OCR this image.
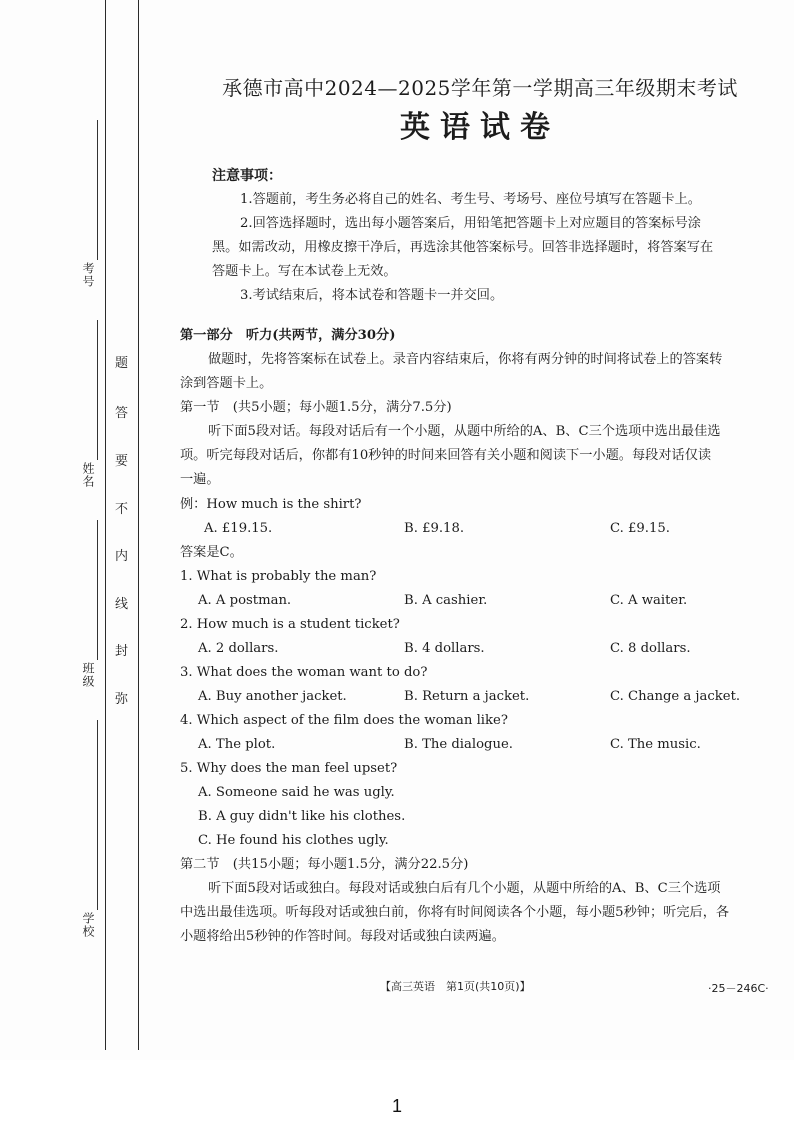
考号
姓名
班级
学校
题
答
要
不
内
线
封
弥
承德市高中2024—2025学年第一学期高三年级期末考试
英语试卷
注意事项：
1.答题前，考生务必将自己的姓名、考生号、考场号、座位号填写在答题卡上。
2.回答选择题时，选出每小题答案后，用铅笔把答题卡上对应题目的答案标号涂
黑。如需改动，用橡皮擦干净后，再选涂其他答案标号。回答非选择题时，将答案写在
答题卡上。写在本试卷上无效。
3.考试结束后，将本试卷和答题卡一并交回。
第一部分　听力(共两节，满分30分)
做题时，先将答案标在试卷上。录音内容结束后，你将有两分钟的时间将试卷上的答案转
涂到答题卡上。
第一节　(共5小题；每小题1.5分，满分7.5分)
听下面5段对话。每段对话后有一个小题，从题中所给的A、B、C三个选项中选出最佳选
项。听完每段对话后，你都有10秒钟的时间来回答有关小题和阅读下一小题。每段对话仅读
一遍。
例：How much is the shirt?
A. £19.15.	B. £9.18.	C. £9.15.
答案是C。
1. What is probably the man?
A. A postman.	B. A cashier.	C. A waiter.
2. How much is a student ticket?
A. 2 dollars.	B. 4 dollars.	C. 8 dollars.
3. What does the woman want to do?
A. Buy another jacket.	B. Return a jacket.	C. Change a jacket.
4. Which aspect of the film does the woman like?
A. The plot.	B. The dialogue.	C. The music.
5. Why does the man feel upset?
A. Someone said he was ugly.
B. A guy didn't like his clothes.
C. He found his clothes ugly.
第二节　(共15小题；每小题1.5分，满分22.5分)
听下面5段对话或独白。每段对话或独白后有几个小题，从题中所给的A、B、C三个选项
中选出最佳选项。听每段对话或独白前，你将有时间阅读各个小题，每小题5秒钟；听完后，各
小题将给出5秒钟的作答时间。每段对话或独白读两遍。
【高三英语　第1页(共10页)】	·25－246C·
1
